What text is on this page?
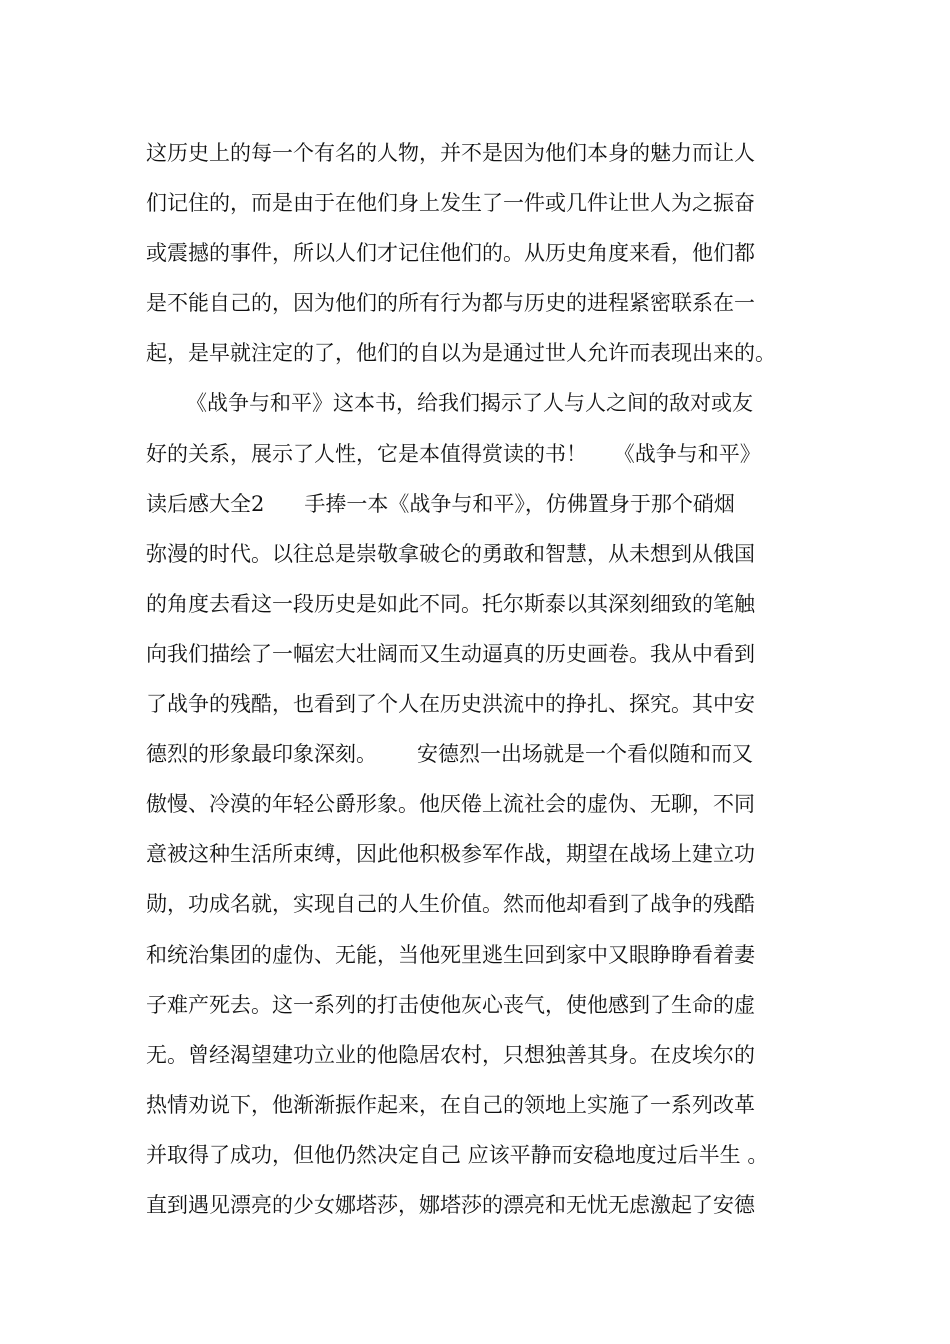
这历史上的每一个有名的人物，并不是因为他们本身的魅力而让人
们记住的，而是由于在他们身上发生了一件或几件让世人为之振奋
或震撼的事件，所以人们才记住他们的。从历史角度来看，他们都
是不能自己的，因为他们的所有行为都与历史的进程紧密联系在一
起，是早就注定的了，他们的自以为是通过世人允许而表现出来的。
《战争与和平》这本书，给我们揭示了人与人之间的敌对或友
好的关系，展示了人性，它是本值得赏读的书！    《战争与和平》
读后感大全2      手捧一本《战争与和平》，仿佛置身于那个硝烟
弥漫的时代。以往总是崇敬拿破仑的勇敢和智慧，从未想到从俄国
的角度去看这一段历史是如此不同。托尔斯泰以其深刻细致的笔触
向我们描绘了一幅宏大壮阔而又生动逼真的历史画卷。我从中看到
了战争的残酷，也看到了个人在历史洪流中的挣扎、探究。其中安
德烈的形象最印象深刻。      安德烈一出场就是一个看似随和而又
傲慢、冷漠的年轻公爵形象。他厌倦上流社会的虚伪、无聊，不同
意被这种生活所束缚，因此他积极参军作战，期望在战场上建立功
勋，功成名就，实现自己的人生价值。然而他却看到了战争的残酷
和统治集团的虚伪、无能，当他死里逃生回到家中又眼睁睁看着妻
子难产死去。这一系列的打击使他灰心丧气，使他感到了生命的虚
无。曾经渴望建功立业的他隐居农村，只想独善其身。在皮埃尔的
热情劝说下，他渐渐振作起来，在自己的领地上实施了一系列改革
并取得了成功，但他仍然决定自己 应该平静而安稳地度过后半生 。
直到遇见漂亮的少女娜塔莎，娜塔莎的漂亮和无忧无虑激起了安德
